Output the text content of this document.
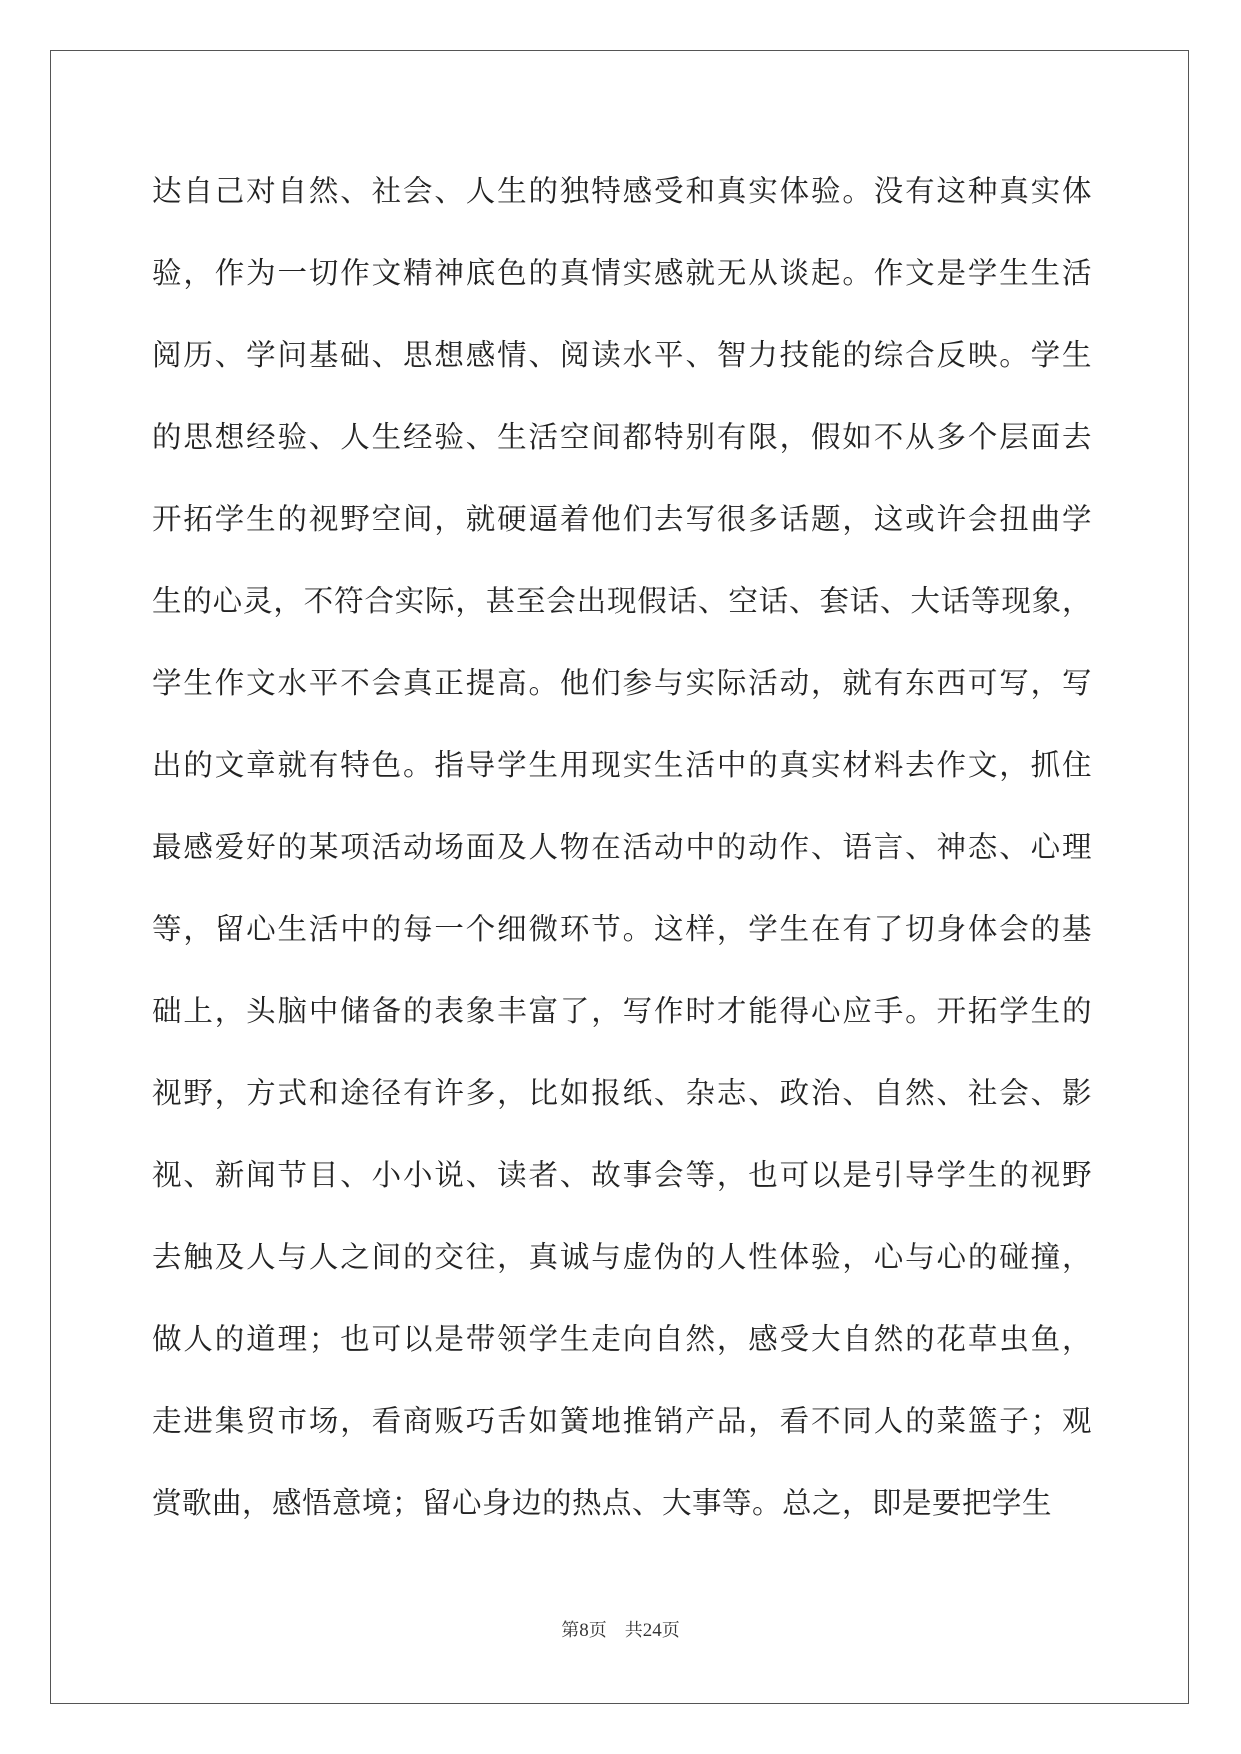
达自己对自然、社会、人生的独特感受和真实体验。没有这种真实体
验，作为一切作文精神底色的真情实感就无从谈起。作文是学生生活
阅历、学问基础、思想感情、阅读水平、智力技能的综合反映。学生
的思想经验、人生经验、生活空间都特别有限，假如不从多个层面去
开拓学生的视野空间，就硬逼着他们去写很多话题，这或许会扭曲学
生的心灵，不符合实际，甚至会出现假话、空话、套话、大话等现象，
学生作文水平不会真正提高。他们参与实际活动，就有东西可写，写
出的文章就有特色。指导学生用现实生活中的真实材料去作文，抓住
最感爱好的某项活动场面及人物在活动中的动作、语言、神态、心理
等，留心生活中的每一个细微环节。这样，学生在有了切身体会的基
础上，头脑中储备的表象丰富了，写作时才能得心应手。开拓学生的
视野，方式和途径有许多，比如报纸、杂志、政治、自然、社会、影
视、新闻节目、小小说、读者、故事会等，也可以是引导学生的视野
去触及人与人之间的交往，真诚与虚伪的人性体验，心与心的碰撞，
做人的道理；也可以是带领学生走向自然，感受大自然的花草虫鱼，
走进集贸市场，看商贩巧舌如簧地推销产品，看不同人的菜篮子；观
赏歌曲，感悟意境；留心身边的热点、大事等。总之，即是要把学生
第8页　共24页
